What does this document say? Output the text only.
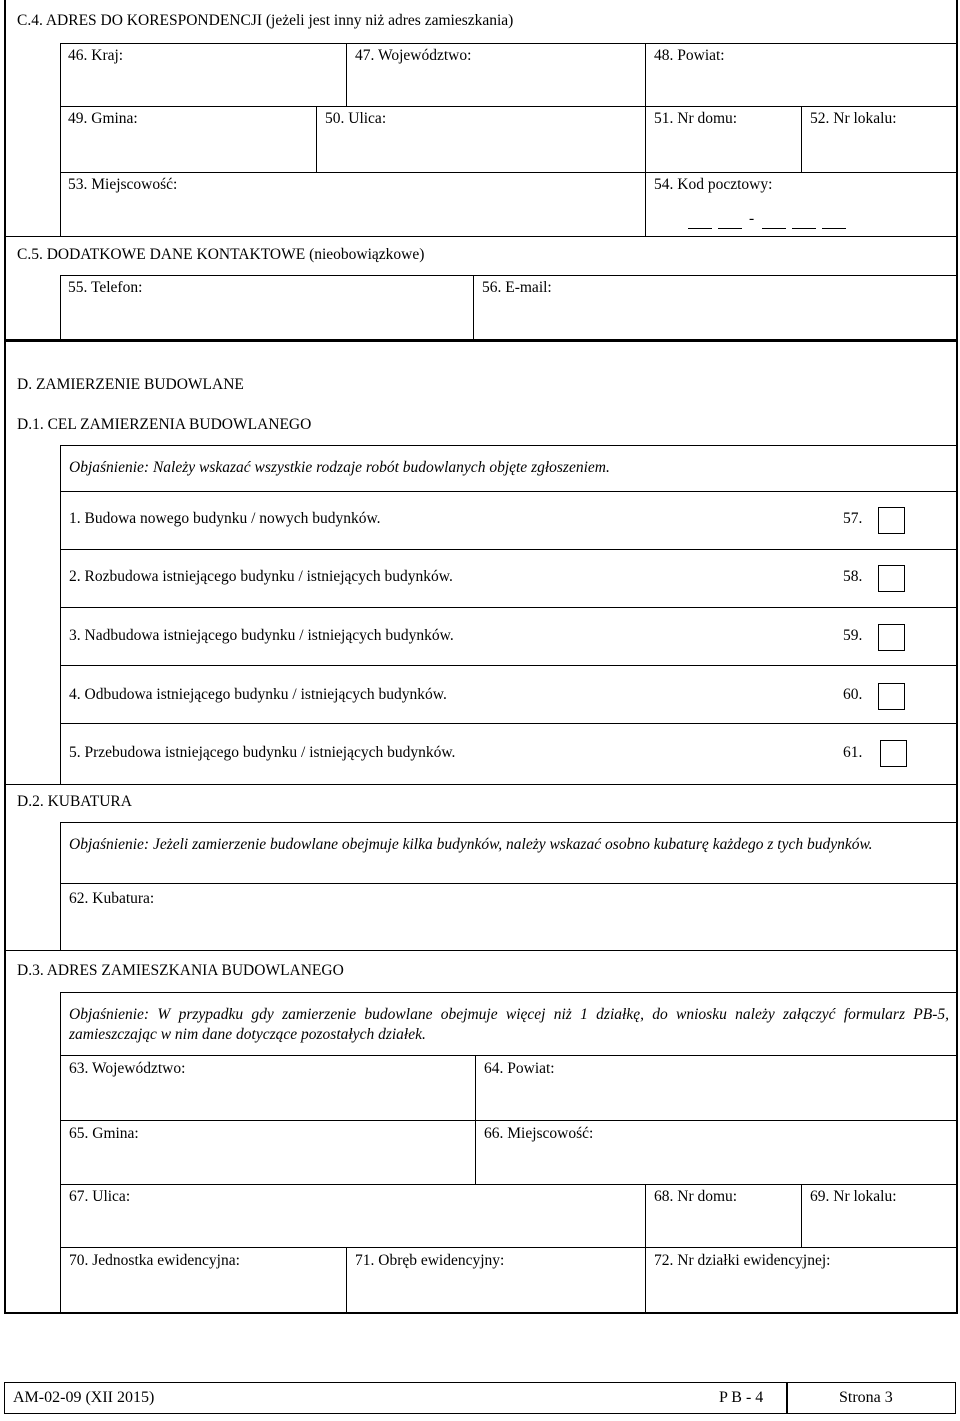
C.4. ADRES DO KORESPONDENCJI (jeżeli jest inny niż adres zamieszkania)
46. Kraj:	47. Województwo:	48. Powiat:
49. Gmina:	50. Ulica:	51. Nr domu:	52. Nr lokalu:
53. Miejscowość:	54. Kod pocztowy:
-
C.5. DODATKOWE DANE KONTAKTOWE (nieobowiązkowe)
55. Telefon:	56. E-mail:
D. ZAMIERZENIE BUDOWLANE
D.1. CEL ZAMIERZENIA BUDOWLANEGO
Objaśnienie: Należy wskazać wszystkie rodzaje robót budowlanych objęte zgłoszeniem.
1. Budowa nowego budynku / nowych budynków.	57.
2. Rozbudowa istniejącego budynku / istniejących budynków.	58.
3. Nadbudowa istniejącego budynku / istniejących budynków.	59.
4. Odbudowa istniejącego budynku / istniejących budynków.	60.
5. Przebudowa istniejącego budynku / istniejących budynków.	61.
D.2. KUBATURA
Objaśnienie: Jeżeli zamierzenie budowlane obejmuje kilka budynków, należy wskazać osobno kubaturę każdego z tych budynków.
62. Kubatura:
D.3. ADRES ZAMIESZKANIA BUDOWLANEGO
Objaśnienie: W przypadku gdy zamierzenie budowlane obejmuje więcej niż 1 działkę, do wniosku należy załączyć formularz PB-5, zamieszczając w nim dane dotyczące pozostałych działek.
63. Województwo:	64. Powiat:
65. Gmina:	66. Miejscowość:
67. Ulica:	68. Nr domu:	69. Nr lokalu:
70. Jednostka ewidencyjna:	71. Obręb ewidencyjny:	72. Nr działki ewidencyjnej:
AM-02-09 (XII 2015)	P B - 4	Strona 3
